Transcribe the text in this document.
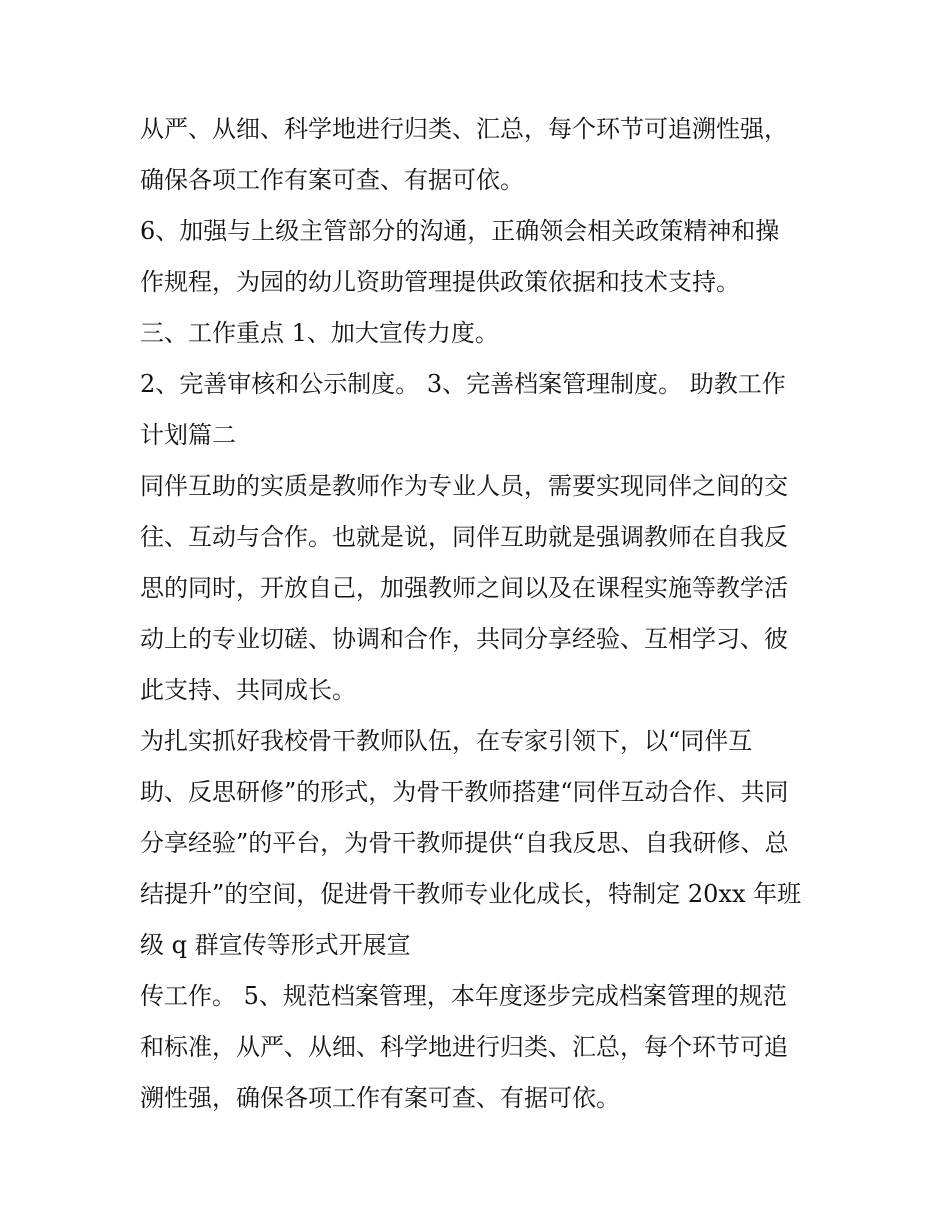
从严、从细、科学地进行归类、汇总，每个环节可追溯性强，
确保各项工作有案可查、有据可依。
6、加强与上级主管部分的沟通，正确领会相关政策精神和操
作规程，为园的幼儿资助管理提供政策依据和技术支持。
三、工作重点 1、加大宣传力度。
2、完善审核和公示制度。 3、完善档案管理制度。 助教工作
计划篇二
同伴互助的实质是教师作为专业人员，需要实现同伴之间的交
往、互动与合作。也就是说，同伴互助就是强调教师在自我反
思的同时，开放自己，加强教师之间以及在课程实施等教学活
动上的专业切磋、协调和合作，共同分享经验、互相学习、彼
此支持、共同成长。
为扎实抓好我校骨干教师队伍，在专家引领下，以“同伴互
助、反思研修”的形式，为骨干教师搭建“同伴互动合作、共同
分享经验”的平台，为骨干教师提供“自我反思、自我研修、总
结提升”的空间，促进骨干教师专业化成长，特制定 20xx 年班
级 q 群宣传等形式开展宣
传工作。 5、规范档案管理，本年度逐步完成档案管理的规范
和标准，从严、从细、科学地进行归类、汇总，每个环节可追
溯性强，确保各项工作有案可查、有据可依。
